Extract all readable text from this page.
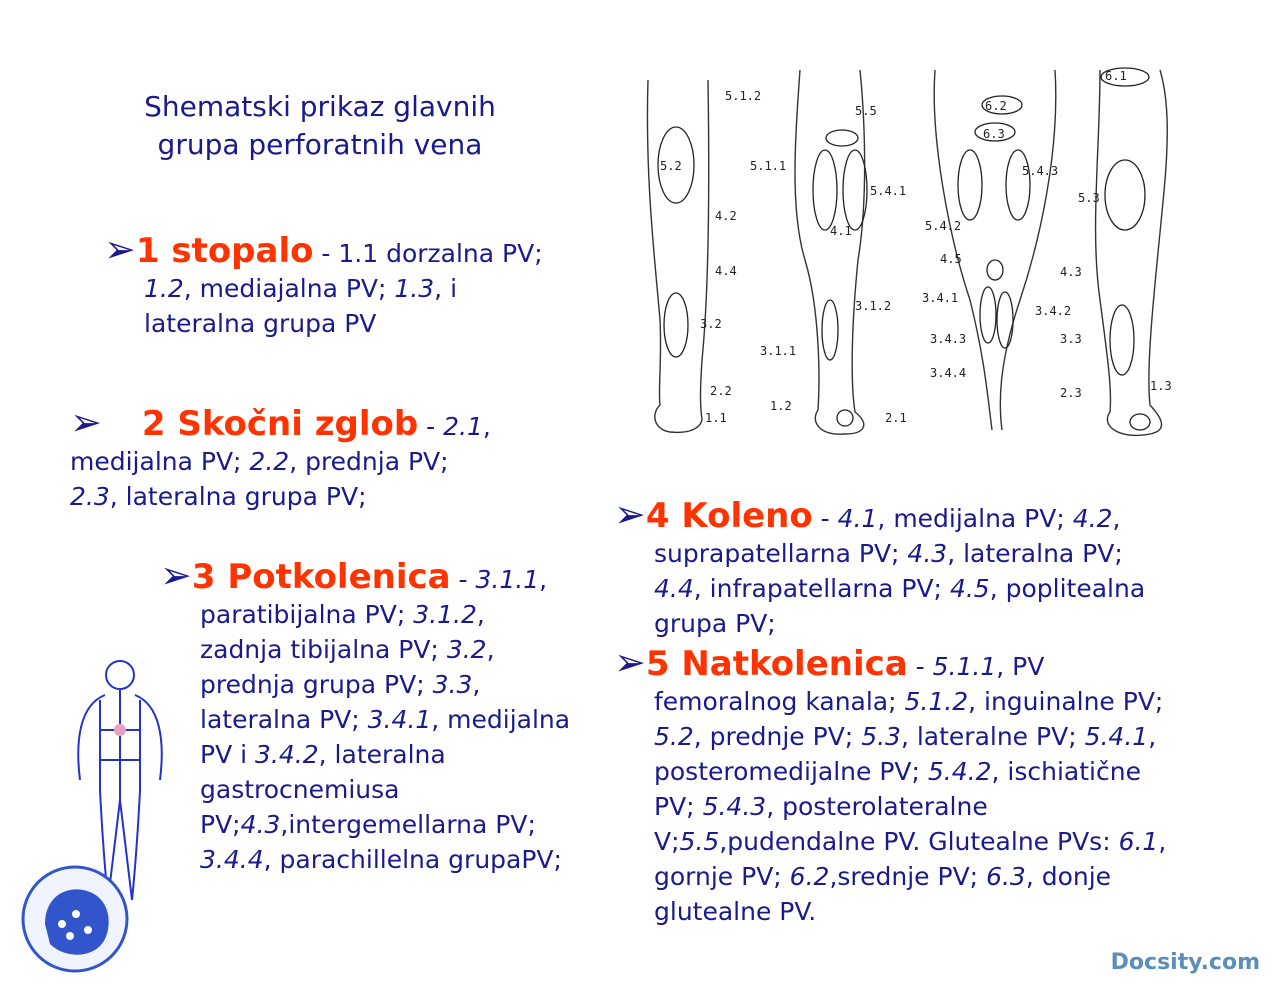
Shematski prikaz glavnih
grupa perforatnih vena
➢1 stopalo - 1.1 dorzalna PV;
1.2, mediajalna PV; 1.3, i
lateralna grupa PV
➢ 2 Skočni zglob - 2.1,
medijalna PV; 2.2, prednja PV;
2.3, lateralna grupa PV;
➢3 Potkolenica - 3.1.1,
paratibijalna PV; 3.1.2,
zadnja tibijalna PV; 3.2,
prednja grupa PV; 3.3,
lateralna PV; 3.4.1, medijalna
PV i 3.4.2, lateralna
gastrocnemiusa
PV;4.3,intergemellarna PV;
3.4.4, parachillelna grupaPV;
➢4 Koleno - 4.1, medijalna PV; 4.2,
suprapatellarna PV; 4.3, lateralna PV;
4.4, infrapatellarna PV; 4.5, poplitealna
grupa PV;
➢5 Natkolenica - 5.1.1, PV
femoralnog kanala; 5.1.2, inguinalne PV;
5.2, prednje PV; 5.3, lateralne PV; 5.4.1,
posteromedijalne PV; 5.4.2, ischiatične
PV; 5.4.3, posterolateralne
V;5.5,pudendalne PV. Glutealne PVs: 6.1,
gornje PV; 6.2,srednje PV; 6.3, donje
glutealne PV.
5.1.2
5.5
5.2	5.1.1
5.4.1
5.4.2
5.4.3
6.1
6.2
6.3
5.3
4.2
4.1
4.4
4.5
4.3
3.2
3.1.2
3.4.1
3.4.2
3.1.1
3.4.3	3.3
3.4.4
2.2
2.1
1.1
1.2
2.3	1.3
Docsity.com
